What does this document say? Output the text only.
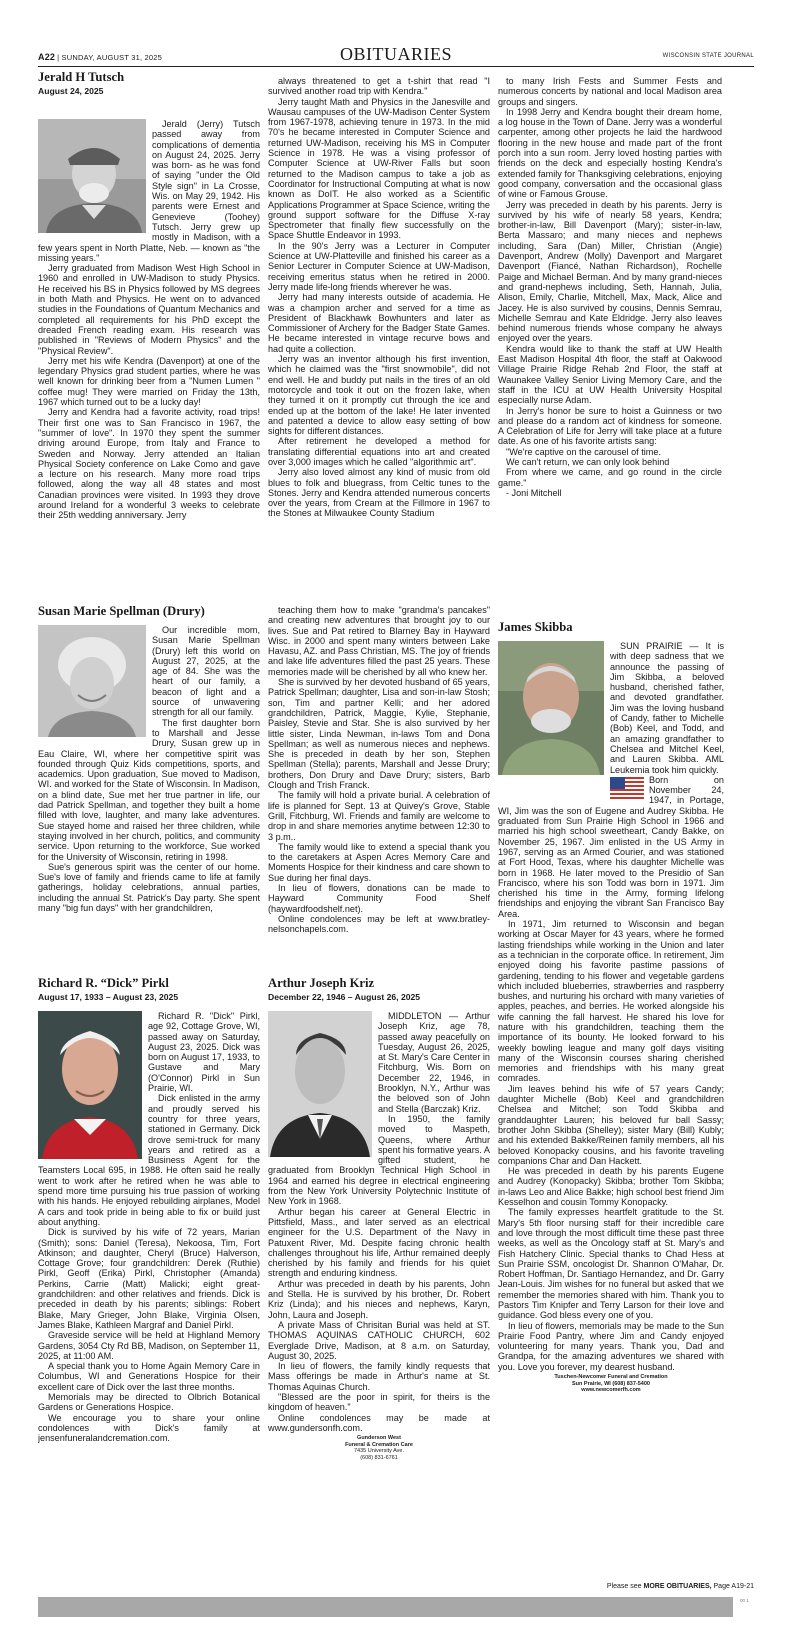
A22 | SUNDAY, AUGUST 31, 2025	OBITUARIES	WISCONSIN STATE JOURNAL
Jerald H Tutsch
August 24, 2025

Jerald (Jerry) Tutsch passed away from complications of dementia on August 24, 2025. Jerry was born- as he was fond of saying "under the Old Style sign" in La Crosse, Wis. on May 29, 1942. His parents were Ernest and Genevieve (Toohey) Tutsch. Jerry grew up mostly in Madison, with a few years spent in North Platte, Neb. — known as "the missing years."

Jerry graduated from Madison West High School in 1960 and enrolled in UW-Madison to study Physics. He received his BS in Physics followed by MS degrees in both Math and Physics. He went on to advanced studies in the Foundations of Quantum Mechanics and completed all requirements for his PhD except the dreaded French reading exam. His research was published in "Reviews of Modern Physics" and the "Physical Review".

Jerry met his wife Kendra (Davenport) at one of the legendary Physics grad student parties, where he was well known for drinking beer from a "Numen Lumen " coffee mug! They were married on Friday the 13th, 1967 which turned out to be a lucky day!

Jerry and Kendra had a favorite activity, road trips! Their first one was to San Francisco in 1967, the "summer of love". In 1970 they spent the summer driving around Europe, from Italy and France to Sweden and Norway. Jerry attended an Italian Physical Society conference on Lake Como and gave a lecture on his research. Many more road trips followed, along the way all 48 states and most Canadian provinces were visited. In 1993 they drove around Ireland for a wonderful 3 weeks to celebrate their 25th wedding anniversary. Jerry

always threatened to get a t-shirt that read "I survived another road trip with Kendra."

Jerry taught Math and Physics in the Janesville and Wausau campuses of the UW-Madison Center System from 1967-1978, achieving tenure in 1973. In the mid 70's he became interested in Computer Science and returned UW-Madison, receiving his MS in Computer Science in 1978. He was a vising professor of Computer Science at UW-River Falls but soon returned to the Madison campus to take a job as Coordinator for Instructional Computing at what is now known as DoIT. He also worked as a Scientific Applications Programmer at Space Science, writing the ground support software for the Diffuse X-ray Spectrometer that finally flew successfully on the Space Shuttle Endeavor in 1993.

In the 90's Jerry was a Lecturer in Computer Science at UW-Platteville and finished his career as a Senior Lecturer in Computer Science at UW-Madison, receiving emeritus status when he retired in 2000. Jerry made life-long friends wherever he was.

Jerry had many interests outside of academia. He was a champion archer and served for a time as President of Blackhawk Bowhunters and later as Commissioner of Archery for the Badger State Games. He became interested in vintage recurve bows and had quite a collection.

Jerry was an inventor although his first invention, which he claimed was the "first snowmobile", did not end well. He and buddy put nails in the tires of an old motorcycle and took it out on the frozen lake, when they turned it on it promptly cut through the ice and ended up at the bottom of the lake! He later invented and patented a device to allow easy setting of bow sights for different distances.

After retirement he developed a method for translating differential equations into art and created over 3,000 images which he called "algorithmic art".

Jerry also loved almost any kind of music from old blues to folk and bluegrass, from Celtic tunes to the Stones. Jerry and Kendra attended numerous concerts over the years, from Cream at the Fillmore in 1967 to the Stones at Milwaukee County Stadium

to many Irish Fests and Summer Fests and numerous concerts by national and local Madison area groups and singers.

In 1998 Jerry and Kendra bought their dream home, a log house in the Town of Dane. Jerry was a wonderful carpenter, among other projects he laid the hardwood flooring in the new house and made part of the front porch into a sun room. Jerry loved hosting parties with friends on the deck and especially hosting Kendra's extended family for Thanksgiving celebrations, enjoying good company, conversation and the occasional glass of wine or Famous Grouse.

Jerry was preceded in death by his parents. Jerry is survived by his wife of nearly 58 years, Kendra; brother-in-law, Bill Davenport (Mary); sister-in-law, Berta Massaro; and many nieces and nephews including, Sara (Dan) Miller, Christian (Angie) Davenport, Andrew (Molly) Davenport and Margaret Davenport (Fiancé, Nathan Richardson), Rochelle Paige and Michael Berman. And by many grand-nieces and grand-nephews including, Seth, Hannah, Julia, Alison, Emily, Charlie, Mitchell, Max, Mack, Alice and Jacey. He is also survived by cousins, Dennis Semrau, Michelle Semrau and Kate Eldridge. Jerry also leaves behind numerous friends whose company he always enjoyed over the years.

Kendra would like to thank the staff at UW Health East Madison Hospital 4th floor, the staff at Oakwood Village Prairie Ridge Rehab 2nd Floor, the staff at Waunakee Valley Senior Living Memory Care, and the staff in the ICU at UW Health University Hospital especially nurse Adam.

In Jerry's honor be sure to hoist a Guinness or two and please do a random act of kindness for someone. A Celebration of Life for Jerry will take place at a future date. As one of his favorite artists sang:

"We're captive on the carousel of time.

We can't return, we can only look behind

From where we came, and go round in the circle game."

- Joni Mitchell

Susan Marie Spellman (Drury)

Our incredible mom, Susan Marie Spellman (Drury) left this world on August 27, 2025, at the age of 84. She was the heart of our family, a beacon of light and a source of unwavering strength for all our family.

The first daughter born to Marshall and Jesse Drury, Susan grew up in Eau Claire, WI, where her competitive spirit was founded through Quiz Kids competitions, sports, and academics. Upon graduation, Sue moved to Madison, WI. and worked for the State of Wisconsin. In Madison, on a blind date, Sue met her true partner in life, our dad Patrick Spellman, and together they built a home filled with love, laughter, and many lake adventures. Sue stayed home and raised her three children, while staying involved in her church, politics, and community service. Upon returning to the workforce, Sue worked for the University of Wisconsin, retiring in 1998.

Sue's generous spirit was the center of our home. Sue's love of family and friends came to life at family gatherings, holiday celebrations, annual parties, including the annual St. Patrick's Day party. She spent many "big fun days" with her grandchildren,

teaching them how to make "grandma's pancakes" and creating new adventures that brought joy to our lives. Sue and Pat retired to Blarney Bay in Hayward Wisc. in 2000 and spent many winters between Lake Havasu, AZ. and Pass Christian, MS. The joy of friends and lake life adventures filled the past 25 years. These memories made will be cherished by all who knew her.

She is survived by her devoted husband of 65 years, Patrick Spellman; daughter, Lisa and son-in-law Stosh; son, Tim and partner Kelli; and her adored grandchildren, Patrick, Maggie, Kylie, Stephanie, Paisley, Stevie and Star. She is also survived by her little sister, Linda Newman, in-laws Tom and Dona Spellman; as well as numerous nieces and nephews. She is preceded in death by her son, Stephen Spellman (Stella); parents, Marshall and Jesse Drury; brothers, Don Drury and Dave Drury; sisters, Barb Clough and Trish Franck.

The family will hold a private burial. A celebration of life is planned for Sept. 13 at Quivey's Grove, Stable Grill, Fitchburg, WI. Friends and family are welcome to drop in and share memories anytime between 12:30 to 3 p.m..

The family would like to extend a special thank you to the caretakers at Aspen Acres Memory Care and Moments Hospice for their kindness and care shown to Sue during her final days.

In lieu of flowers, donations can be made to Hayward Community Food Shelf (haywardfoodshelf.net).

Online condolences may be left at www.bratley-nelsonchapels.com.

James Skibba

SUN PRAIRIE — It is with deep sadness that we announce the passing of Jim Skibba, a beloved husband, cherished father, and devoted grandfather. Jim was the loving husband of Candy, father to Michelle (Bob) Keel, and Todd, and an amazing grandfather to Chelsea and Mitchel Keel, and Lauren Skibba. AML Leukemia took him quickly.

Born on November 24, 1947, in Portage, WI, Jim was the son of Eugene and Audrey Skibba. He graduated from Sun Prairie High School in 1966 and married his high school sweetheart, Candy Bakke, on November 25, 1967. Jim enlisted in the US Army in 1967, serving as an Armed Courier, and was stationed at Fort Hood, Texas, where his daughter Michelle was born in 1968. He later moved to the Presidio of San Francisco, where his son Todd was born in 1971. Jim cherished his time in the Army, forming lifelong friendships and enjoying the vibrant San Francisco Bay Area.

In 1971, Jim returned to Wisconsin and began working at Oscar Mayer for 43 years, where he formed lasting friendships while working in the Union and later as a technician in the corporate office. In retirement, Jim enjoyed doing his favorite pastime passions of gardening, tending to his flower and vegetable gardens which included blueberries, strawberries and raspberry bushes, and nurturing his orchard with many varieties of apples, peaches, and berries. He worked alongside his wife canning the fall harvest. He shared his love for nature with his grandchildren, teaching them the importance of its bounty. He looked forward to his weekly bowling league and many golf days visiting many of the Wisconsin courses sharing cherished memories and friendships with his many great comrades.

Jim leaves behind his wife of 57 years Candy; daughter Michelle (Bob) Keel and grandchildren Chelsea and Mitchel; son Todd Skibba and granddaughter Lauren; his beloved fur ball Sassy; brother John Skibba (Shelley); sister Mary (Bill) Kubly; and his extended Bakke/Reinen family members, all his beloved Konopacky cousins, and his favorite traveling companions Char and Dan Hackett.

He was preceded in death by his parents Eugene and Audrey (Konopacky) Skibba; brother Tom Skibba; in-laws Leo and Alice Bakke; high school best friend Jim Kesselhon and cousin Tommy Konopacky.

The family expresses heartfelt gratitude to the St. Mary's 5th floor nursing staff for their incredible care and love through the most difficult time these past three weeks, as well as the Oncology staff at St. Mary's and Fish Hatchery Clinic. Special thanks to Chad Hess at Sun Prairie SSM, oncologist Dr. Shannon O'Mahar, Dr. Robert Hoffman, Dr. Santiago Hernandez, and Dr. Garry Jean-Louis. Jim wishes for no funeral but asked that we remember the memories shared with him. Thank you to Pastors Tim Knipfer and Terry Larson for their love and guidance. God bless every one of you.

In lieu of flowers, memorials may be made to the Sun Prairie Food Pantry, where Jim and Candy enjoyed volunteering for many years. Thank you, Dad and Grandpa, for the amazing adventures we shared with you. Love you forever, my dearest husband.

Tuschen-Newcomer Funeral and Cremation
Sun Prairie, WI (608) 837-5400
www.newcomerfh.com
Richard R. “Dick” Pirkl
August 17, 1933 – August 23, 2025

Richard R. "Dick" Pirkl, age 92, Cottage Grove, WI, passed away on Saturday, August 23, 2025. Dick was born on August 17, 1933, to Gustave and Mary (O'Connor) Pirkl in Sun Prairie, WI.

Dick enlisted in the army and proudly served his country for three years, stationed in Germany. Dick drove semi-truck for many years and retired as a Business Agent for the Teamsters Local 695, in 1988. He often said he really went to work after he retired when he was able to spend more time pursuing his true passion of working with his hands. He enjoyed rebuilding airplanes, Model A cars and took pride in being able to fix or build just about anything.

Dick is survived by his wife of 72 years, Marian (Smith); sons: Daniel (Teresa), Nekoosa, Tim, Fort Atkinson; and daughter, Cheryl (Bruce) Halverson, Cottage Grove; four grandchildren: Derek (Ruthie) Pirkl, Geoff (Erika) Pirkl, Christopher (Amanda) Perkins, Carrie (Matt) Malicki; eight great-grandchildren: and other relatives and friends. Dick is preceded in death by his parents; siblings: Robert Blake, Mary Grieger, John Blake, Virginia Olsen, James Blake, Kathleen Margraf and Daniel Pirkl.

Graveside service will be held at Highland Memory Gardens, 3054 Cty Rd BB, Madison, on September 11, 2025, at 11:00 AM.

A special thank you to Home Again Memory Care in Columbus, WI and Generations Hospice for their excellent care of Dick over the last three months.

Memorials may be directed to Olbrich Botanical Gardens or Generations Hospice.

We encourage you to share your online condolences with Dick's family at jensenfuneralandcremation.com.

Arthur Joseph Kriz
December 22, 1946 – August 26, 2025

MIDDLETON — Arthur Joseph Kriz, age 78, passed away peacefully on Tuesday, August 26, 2025, at St. Mary's Care Center in Fitchburg, Wis. Born on December 22, 1946, in Brooklyn, N.Y., Arthur was the beloved son of John and Stella (Barczak) Kriz.

In 1950, the family moved to Maspeth, Queens, where Arthur spent his formative years. A gifted student, he graduated from Brooklyn Technical High School in 1964 and earned his degree in electrical engineering from the New York University Polytechnic Institute of New York in 1968.

Arthur began his career at General Electric in Pittsfield, Mass., and later served as an electrical engineer for the U.S. Department of the Navy in Patuxent River, Md. Despite facing chronic health challenges throughout his life, Arthur remained deeply cherished by his family and friends for his quiet strength and enduring kindness.

Arthur was preceded in death by his parents, John and Stella. He is survived by his brother, Dr. Robert Kriz (Linda); and his nieces and nephews, Karyn, John, Laura and Joseph.

A private Mass of Chrisitan Burial was held at ST. THOMAS AQUINAS CATHOLIC CHURCH, 602 Everglade Drive, Madison, at 8 a.m. on Saturday, August 30, 2025.

In lieu of flowers, the family kindly requests that Mass offerings be made in Arthur's name at St. Thomas Aquinas Church.

"Blessed are the poor in spirit, for theirs is the kingdom of heaven."

Online condolences may be made at www.gundersonfh.com.

Gunderson West
Funeral & Cremation Care
7435 University Ave.
(608) 831-6761
Please see MORE OBITUARIES, Page A19-21
00 1
